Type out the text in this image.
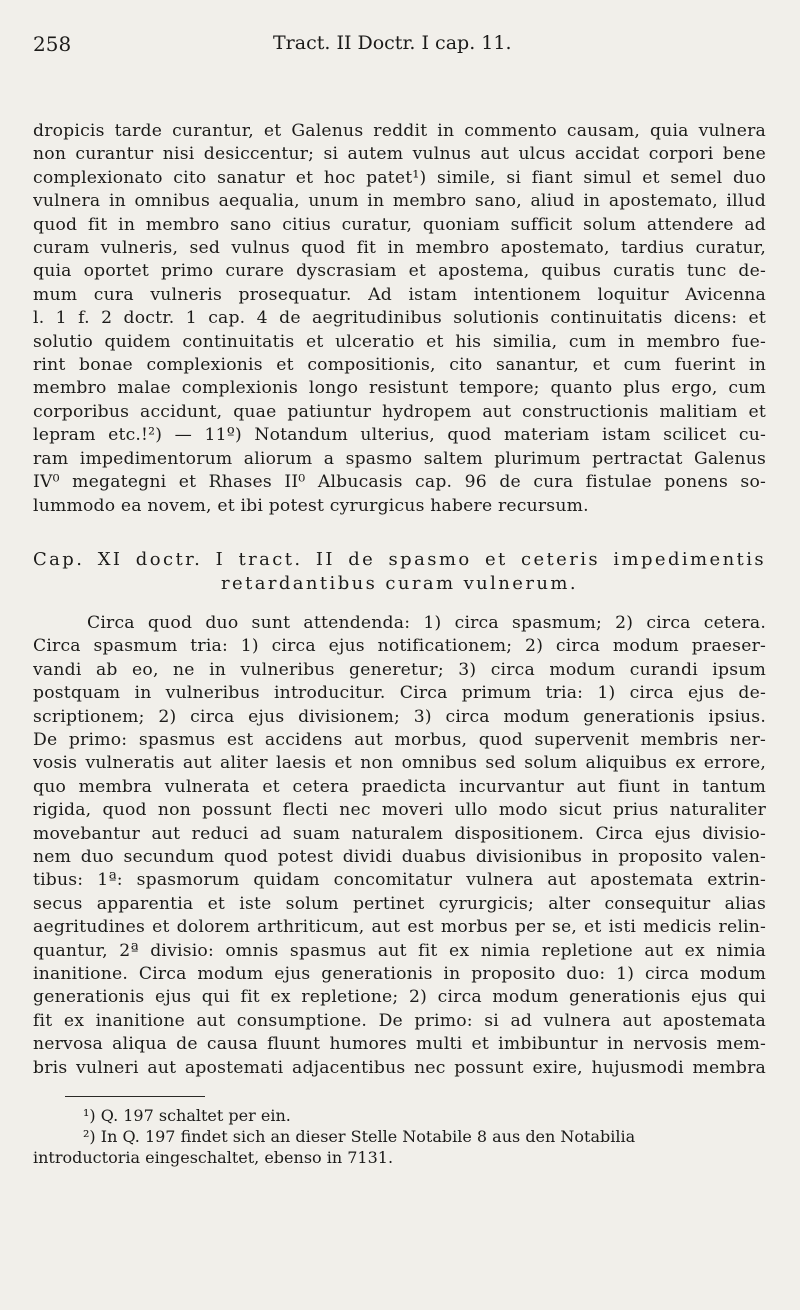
258	Tract. II Doctr. I cap. 11.
dropicis tarde curantur, et Galenus reddit in commento causam, quia vulnera
non curantur nisi desiccentur; si autem vulnus aut ulcus accidat corpori bene
complexionato cito sanatur et hoc patet¹) simile, si fiant simul et semel duo
vulnera in omnibus aequalia, unum in membro sano, aliud in apostemato, illud
quod fit in membro sano citius curatur, quoniam sufficit solum attendere ad
curam vulneris, sed vulnus quod fit in membro apostemato, tardius curatur,
quia oportet primo curare dyscrasiam et apostema, quibus curatis tunc de-
mum cura vulneris prosequatur. Ad istam intentionem loquitur Avicenna
l. 1 f. 2 doctr. 1 cap. 4 de aegritudinibus solutionis continuitatis dicens: et
solutio quidem continuitatis et ulceratio et his similia, cum in membro fue-
rint bonae complexionis et compositionis, cito sanantur, et cum fuerint in
membro malae complexionis longo resistunt tempore; quanto plus ergo, cum
corporibus accidunt, quae patiuntur hydropem aut constructionis malitiam et
lepram etc.!²) — 11º) Notandum ulterius, quod materiam istam scilicet cu-
ram impedimentorum aliorum a spasmo saltem plurimum pertractat Galenus
IV⁰ megategni et Rhases II⁰ Albucasis cap. 96 de cura fistulae ponens so-
lummodo ea novem, et ibi potest cyrurgicus habere recursum.
Cap. XI doctr. I tract. II de spasmo et ceteris impedimentis
retardantibus curam vulnerum.
Circa quod duo sunt attendenda: 1) circa spasmum; 2) circa cetera.
Circa spasmum tria: 1) circa ejus notificationem; 2) circa modum praeser-
vandi ab eo, ne in vulneribus generetur; 3) circa modum curandi ipsum
postquam in vulneribus introducitur. Circa primum tria: 1) circa ejus de-
scriptionem; 2) circa ejus divisionem; 3) circa modum generationis ipsius.
De primo: spasmus est accidens aut morbus, quod supervenit membris ner-
vosis vulneratis aut aliter laesis et non omnibus sed solum aliquibus ex errore,
quo membra vulnerata et cetera praedicta incurvantur aut fiunt in tantum
rigida, quod non possunt flecti nec moveri ullo modo sicut prius naturaliter
movebantur aut reduci ad suam naturalem dispositionem. Circa ejus divisio-
nem duo secundum quod potest dividi duabus divisionibus in proposito valen-
tibus: 1ª: spasmorum quidam concomitatur vulnera aut apostemata extrin-
secus apparentia et iste solum pertinet cyrurgicis; alter consequitur alias
aegritudines et dolorem arthriticum, aut est morbus per se, et isti medicis relin-
quantur, 2ª divisio: omnis spasmus aut fit ex nimia repletione aut ex nimia
inanitione. Circa modum ejus generationis in proposito duo: 1) circa modum
generationis ejus qui fit ex repletione; 2) circa modum generationis ejus qui
fit ex inanitione aut consumptione. De primo: si ad vulnera aut apostemata
nervosa aliqua de causa fluunt humores multi et imbibuntur in nervosis mem-
bris vulneri aut apostemati adjacentibus nec possunt exire, hujusmodi membra
¹) Q. 197 schaltet per ein.
²) In Q. 197 findet sich an dieser Stelle Notabile 8 aus den Notabilia
introductoria eingeschaltet, ebenso in 7131.
